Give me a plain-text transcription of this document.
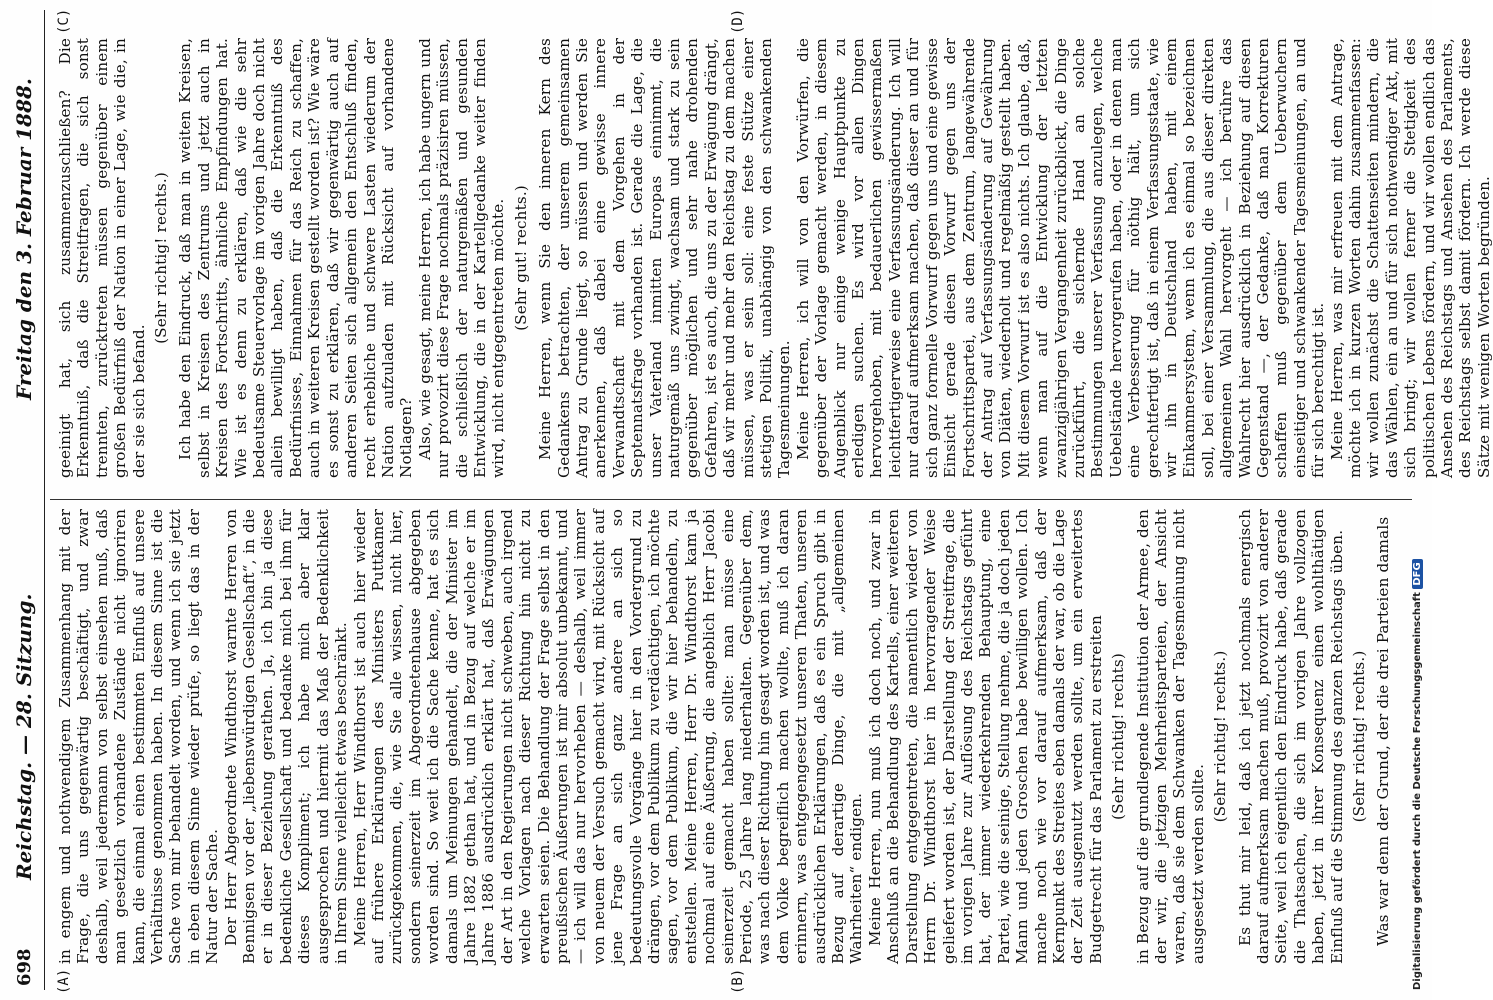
698
Reichstag. — 28. Sitzung.
Freitag den 3. Februar 1888.
(A)	(B)
(C)	(D)

in engem und nothwendigem Zusammenhang mit der Frage, die uns gegenwärtig beschäftigt, und zwar deshalb, weil jedermann von selbst einsehen muß, daß man gesetzlich vorhandene Zustände nicht ignoriren kann, die einmal einen bestimmten Einfluß auf unsere Verhältnisse genommen haben. In diesem Sinne ist die Sache von mir behandelt worden, und wenn ich sie jetzt in eben diesem Sinne wieder prüfe, so liegt das in der Natur der Sache. Der Herr Abgeordnete Windthorst warnte Herren von Bennigsen vor der „liebenswürdigen Gesellschaft“, in die er in dieser Beziehung gerathen. Ja, ich bin ja diese bedenkliche Gesellschaft und bedanke mich bei ihm für dieses Kompliment; ich habe mich aber klar ausgesprochen und hiermit das Maß der Bedenklichkeit in Ihrem Sinne vielleicht etwas beschränkt. Meine Herren, Herr Windthorst ist auch hier wieder auf frühere Erklärungen des Ministers Puttkamer zurückgekommen, die, wie Sie alle wissen, nicht hier, sondern seinerzeit im Abgeordnetenhause abgegeben worden sind. So weit ich die Sache kenne, hat es sich damals um Meinungen gehandelt, die der Minister im Jahre 1882 gethan hat, und in Bezug auf welche er im Jahre 1886 ausdrücklich erklärt hat, daß Erwägungen der Art in den Regierungen nicht schweben, auch irgend welche Vorlagen nach dieser Richtung hin nicht zu erwarten seien. Die Behandlung der Frage selbst in den preußischen Äußerungen ist mir absolut unbekannt, und — ich will das nur hervorheben — deshalb, weil immer von neuem der Versuch gemacht wird, mit Rücksicht auf jene Frage an sich ganz andere an sich so bedeutungsvolle Vorgänge hier in den Vordergrund zu drängen, vor dem Publikum zu verdächtigen, ich möchte sagen, vor dem Publikum, die wir hier behandeln, zu entstellen. Meine Herren, Herr Dr. Windthorst kam ja nochmal auf eine Äußerung, die angeblich Herr Jacobi seinerzeit gemacht haben sollte: man müsse eine Periode, 25 Jahre lang niederhalten. Gegenüber dem, was nach dieser Richtung hin gesagt worden ist, und was dem Volke begreiflich machen wollte, muß ich daran erinnern, was entgegengesetzt unseren Thaten, unseren ausdrücklichen Erklärungen, daß es ein Spruch gibt in Bezug auf derartige Dinge, die mit „allgemeinen Wahrheiten“ endigen. Meine Herren, nun muß ich doch noch, und zwar in Anschluß an die Behandlung des Kartells, einer weiteren Darstellung entgegentreten, die namentlich wieder von Herrn Dr. Windthorst hier in hervorragender Weise geliefert worden ist, der Darstellung der Streitfrage, die im vorigen Jahre zur Auflösung des Reichstags geführt hat, der immer wiederkehrenden Behauptung, eine Partei, wie die seinige, Stellung nehme, die ja doch jeden Mann und jeden Groschen habe bewilligen wollen. Ich mache noch wie vor darauf aufmerksam, daß der Kernpunkt des Streites eben damals der war, ob die Lage der Zeit ausgenutzt werden sollte, um ein erweitertes Budgetrecht für das Parlament zu erstreiten (Sehr richtig! rechts) in Bezug auf die grundlegende Institution der Armee, den der wir, die jetzigen Mehrheitsparteien, der Ansicht waren, daß sie dem Schwanken der Tagesmeinung nicht ausgesetzt werden sollte.

(Sehr richtig! rechts.) Es thut mir leid, daß ich jetzt nochmals energisch darauf aufmerksam machen muß, provozirt von anderer Seite, weil ich eigentlich den Eindruck habe, daß gerade die Thatsachen, die sich im vorigen Jahre vollzogen haben, jetzt in ihrer Konsequenz einen wohlthätigen Einfluß auf die Stimmung des ganzen Reichstags üben. (Sehr richtig! rechts.) Was war denn der Grund, der die drei Parteien damals

geeinigt hat, sich zusammenzuschließen? Die Erkenntniß, daß die Streitfragen, die sich sonst trennten, zurücktreten müssen gegenüber einem großen Bedürfniß der Nation in einer Lage, wie die, in der sie sich befand.

(Sehr richtig! rechts.) Ich habe den Eindruck, daß man in weiten Kreisen, selbst in Kreisen des Zentrums und jetzt auch in Kreisen des Fortschritts, ähnliche Empfindungen hat. Wie ist es denn zu erklären, daß wie die sehr bedeutsame Steuervorlage im vorigen Jahre doch nicht allein bewilligt haben, daß die Erkenntniß des Bedürfnisses, Einnahmen für das Reich zu schaffen, auch in weiteren Kreisen gestellt worden ist? Wie wäre es sonst zu erklären, daß wir gegenwärtig auch auf anderen Seiten sich allgemein den Entschluß finden, recht erhebliche und schwere Lasten wiederum der Nation aufzuladen mit Rücksicht auf vorhandene Notlagen? Also, wie gesagt, meine Herren, ich habe ungern und nur provozirt diese Frage nochmals präzisiren müssen, die schließlich der naturgemäßen und gesunden Entwicklung, die in der Kartellgedanke weiter finden wird, nicht entgegentreten möchte. (Sehr gut! rechts.) Meine Herren, wenn Sie den inneren Kern des Gedankens betrachten, der unserem gemeinsamen Antrag zu Grunde liegt, so müssen und werden Sie anerkennen, daß dabei eine gewisse innere Verwandtschaft mit dem Vorgehen in der Septennatsfrage vorhanden ist. Gerade die Lage, die unser Vaterland inmitten Europas einnimmt, die naturgemäß uns zwingt, wachsam und stark zu sein gegenüber möglichen und sehr nahe drohenden Gefahren, ist es auch, die uns zu der Erwägung drängt, daß wir mehr und mehr den Reichstag zu dem machen müssen, was er sein soll: eine feste Stütze einer stetigen Politik, unabhängig von den schwankenden Tagesmeinungen. Meine Herren, ich will von den Vorwürfen, die gegenüber der Vorlage gemacht werden, in diesem Augenblick nur einige wenige Hauptpunkte zu erledigen suchen. Es wird vor allen Dingen hervorgehoben, mit bedauerlichen gewissermaßen leichtfertigerweise eine Verfassungsänderung. Ich will nur darauf aufmerksam machen, daß dieser an und für sich ganz formelle Vorwurf gegen uns und eine gewisse Einsicht gerade diesen Vorwurf gegen uns der Fortschrittspartei, aus dem Zentrum, langewährende der Antrag auf Verfassungsänderung auf Gewährung von Diäten, wiederholt und regelmäßig gestellt haben. Mit diesem Vorwurf ist es also nichts. Ich glaube, daß, wenn man auf die Entwicklung der letzten zwanzigjährigen Vergangenheit zurückblickt, die Dinge zurückführt, die sichernde Hand an solche Bestimmungen unserer Verfassung anzulegen, welche Uebelstände hervorgerufen haben, oder in denen man eine Verbesserung für nöthig hält, um sich gerechtfertigt ist, daß in einem Verfassungsstaate, wie wir ihn in Deutschland haben, mit einem Einkammersystem, wenn ich es einmal so bezeichnen soll, bei einer Versammlung, die aus dieser direkten allgemeinen Wahl hervorgeht — ich berühre das Wahlrecht hier ausdrücklich in Beziehung auf diesen Gegenstand —, der Gedanke, daß man Korrekturen schaffen muß gegenüber dem Ueberwuchern einseitiger und schwankender Tagesmeinungen, an und für sich berechtigt ist. Meine Herren, was mir erfreuen mit dem Antrage, möchte ich in kurzen Worten dahin zusammenfassen: wir wollen zunächst die Schattenseiten mindern, die das Wählen, ein an und für sich nothwendiger Akt, mit sich bringt; wir wollen ferner die Stetigkeit des politischen Lebens fördern, und wir wollen endlich das Ansehen des Reichstags und Ansehen des Parlaments, des Reichstags selbst damit fördern. Ich werde diese Sätze mit wenigen Worten begründen.

Digitalisierung gefördert durch die Deutsche Forschungsgemeinschaft DFG
